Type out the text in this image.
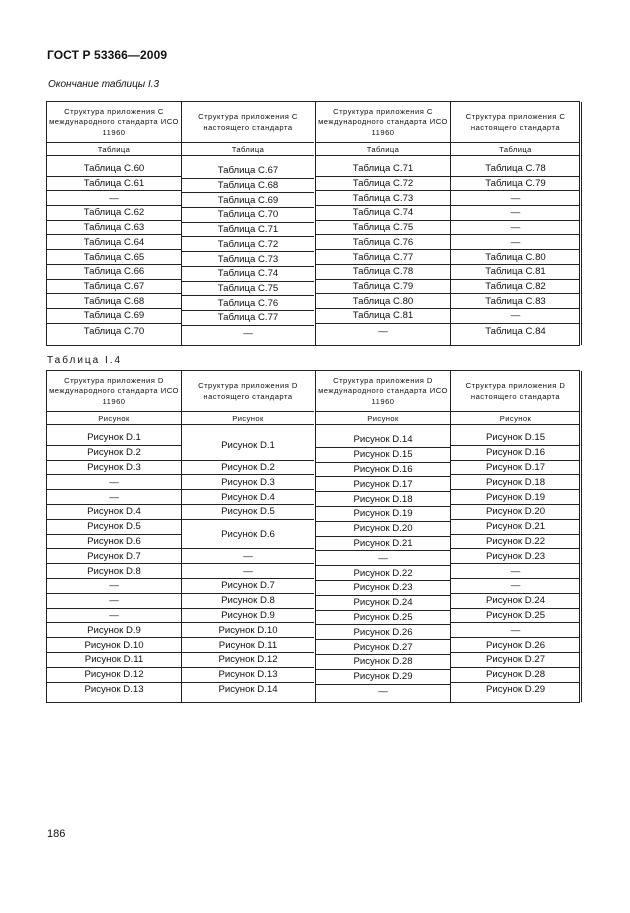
ГОСТ Р 53366—2009
Окончание таблицы I.3
Структура приложения С международного стандарта ИСО 11960
Таблица
Таблица С.60
Таблица С.61
—
Таблица С.62
Таблица С.63
Таблица С.64
Таблица С.65
Таблица С.66
Таблица С.67
Таблица С.68
Таблица С.69
Таблица С.70
Структура приложения С настоящего стандарта
Таблица
Таблица С.67
Таблица С.68
Таблица С.69
Таблица С.70
Таблица С.71
Таблица С.72
Таблица С.73
Таблица С.74
Таблица С.75
Таблица С.76
Таблица С.77
—
Структура приложения С международного стандарта ИСО 11960
Таблица
Таблица С.71
Таблица С.72
Таблица С.73
Таблица С.74
Таблица С.75
Таблица С.76
Таблица С.77
Таблица С.78
Таблица С.79
Таблица С.80
Таблица С.81
—
Структура приложения С настоящего стандарта
Таблица
Таблица С.78
Таблица С.79
—
—
—
—
Таблица С.80
Таблица С.81
Таблица С.82
Таблица С.83
—
Таблица С.84
Таблица I.4
Структура приложения D международного стандарта ИСО 11960
Рисунок
Рисунок D.1
Рисунок D.2
Рисунок D.3
—
—
Рисунок D.4
Рисунок D.5
Рисунок D.6
Рисунок D.7
Рисунок D.8
—
—
—
Рисунок D.9
Рисунок D.10
Рисунок D.11
Рисунок D.12
Рисунок D.13
Структура приложения D настоящего стандарта
Рисунок
Рисунок D.1
Рисунок D.2
Рисунок D.3
Рисунок D.4
Рисунок D.5
Рисунок D.6
—
—
Рисунок D.7
Рисунок D.8
Рисунок D.9
Рисунок D.10
Рисунок D.11
Рисунок D.12
Рисунок D.13
Рисунок D.14
Структура приложения D международного стандарта ИСО 11960
Рисунок
Рисунок D.14
Рисунок D.15
Рисунок D.16
Рисунок D.17
Рисунок D.18
Рисунок D.19
Рисунок D.20
Рисунок D.21
—
Рисунок D.22
Рисунок D.23
Рисунок D.24
Рисунок D.25
Рисунок D.26
Рисунок D.27
Рисунок D.28
Рисунок D.29
—
Структура приложения D настоящего стандарта
Рисунок
Рисунок D.15
Рисунок D.16
Рисунок D.17
Рисунок D.18
Рисунок D.19
Рисунок D.20
Рисунок D.21
Рисунок D.22
Рисунок D.23
—
—
Рисунок D.24
Рисунок D.25
—
Рисунок D.26
Рисунок D.27
Рисунок D.28
Рисунок D.29
186
